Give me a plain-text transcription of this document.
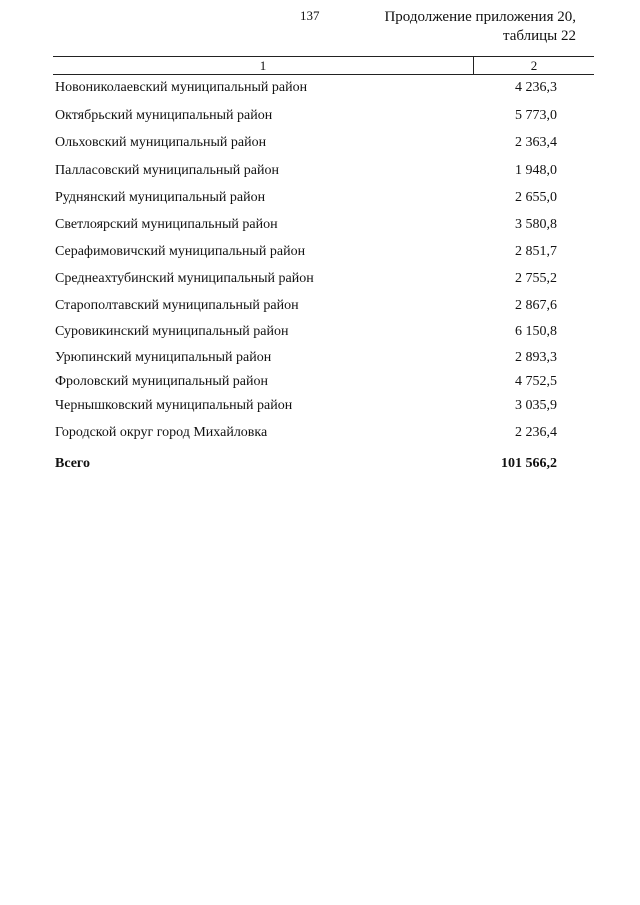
137	Продолжение приложения 20,
таблицы 22
1	2
Новониколаевский муниципальный район	4 236,3
Октябрьский муниципальный район	5 773,0
Ольховский муниципальный район	2 363,4
Палласовский муниципальный район	1 948,0
Руднянский муниципальный район	2 655,0
Светлоярский муниципальный район	3 580,8
Серафимовичский муниципальный район	2 851,7
Среднеахтубинский муниципальный район	2 755,2
Старополтавский муниципальный район	2 867,6
Суровикинский муниципальный район	6 150,8
Урюпинский муниципальный район	2 893,3
Фроловский муниципальный район	4 752,5
Чернышковский муниципальный район	3 035,9
Городской округ город Михайловка	2 236,4
Всего	101 566,2
